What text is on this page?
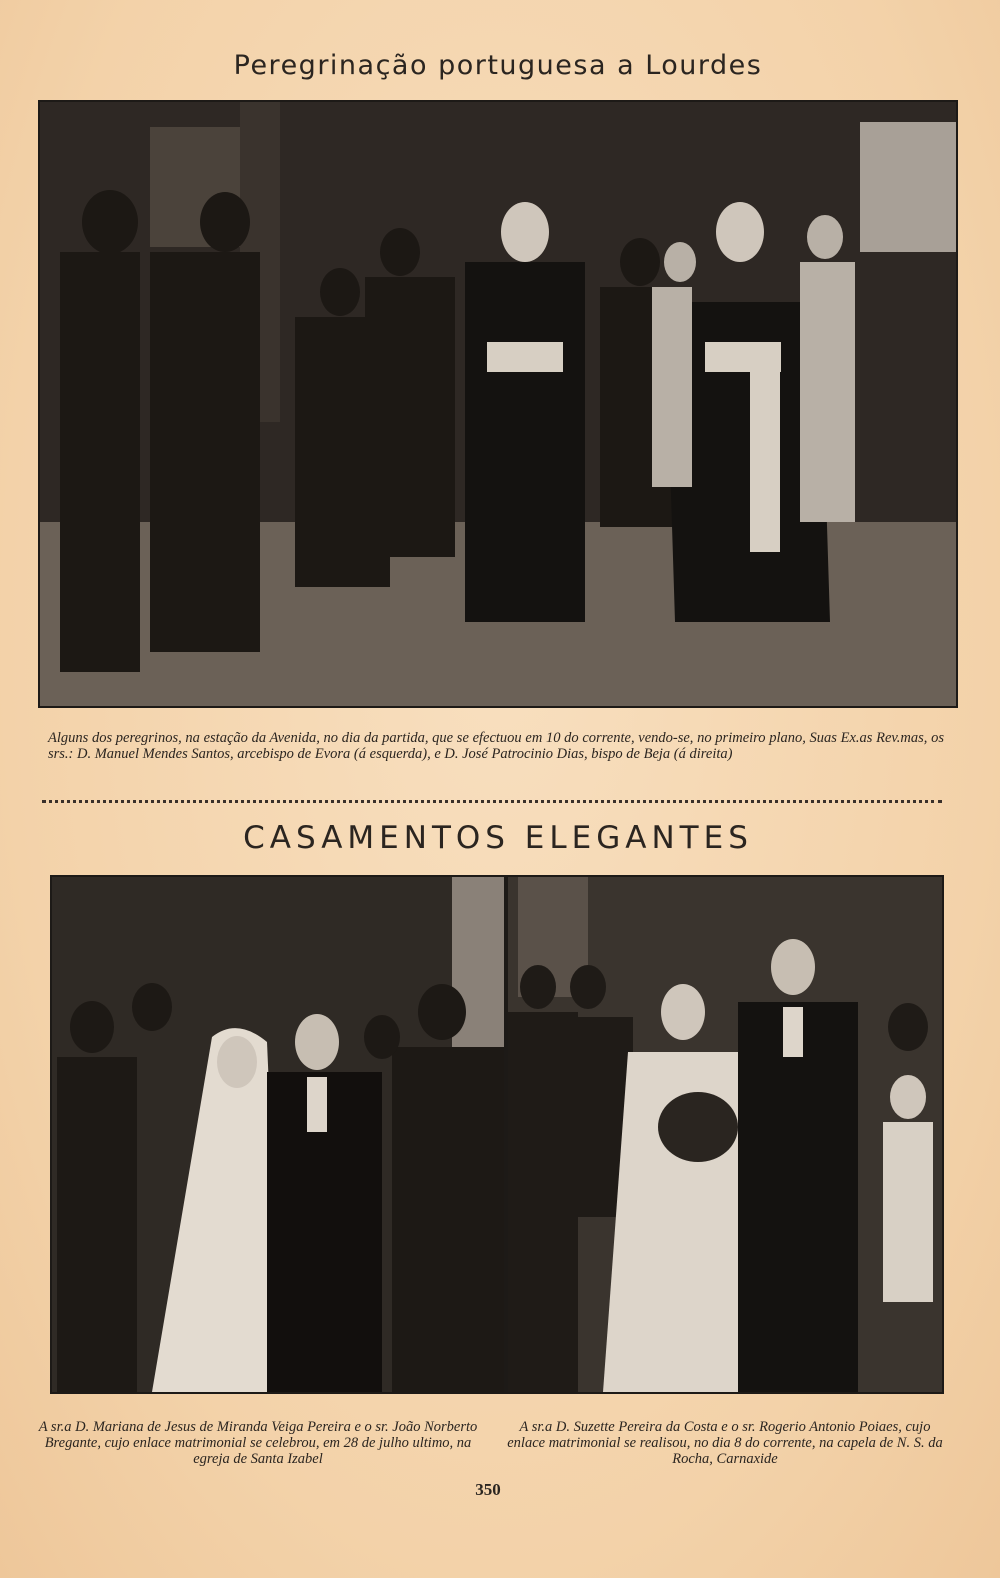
Peregrinação portuguesa a Lourdes
Alguns dos peregrinos, na estação da Avenida, no dia da partida, que se efectuou em 10 do corrente, vendo-se, no primeiro plano, Suas Ex.as Rev.mas, os srs.: D. Manuel Mendes Santos, arcebispo de Evora (á esquerda), e D. José Patrocinio Dias, bispo de Beja (á direita)
CASAMENTOS ELEGANTES
A sr.a D. Mariana de Jesus de Miranda Veiga Pereira e o sr. João Norberto Bregante, cujo enlace matrimonial se celebrou, em 28 de julho ultimo, na egreja de Santa Izabel
A sr.a D. Suzette Pereira da Costa e o sr. Rogerio Antonio Poiaes, cujo enlace matrimonial se realisou, no dia 8 do corrente, na capela de N. S. da Rocha, Carnaxide
350
